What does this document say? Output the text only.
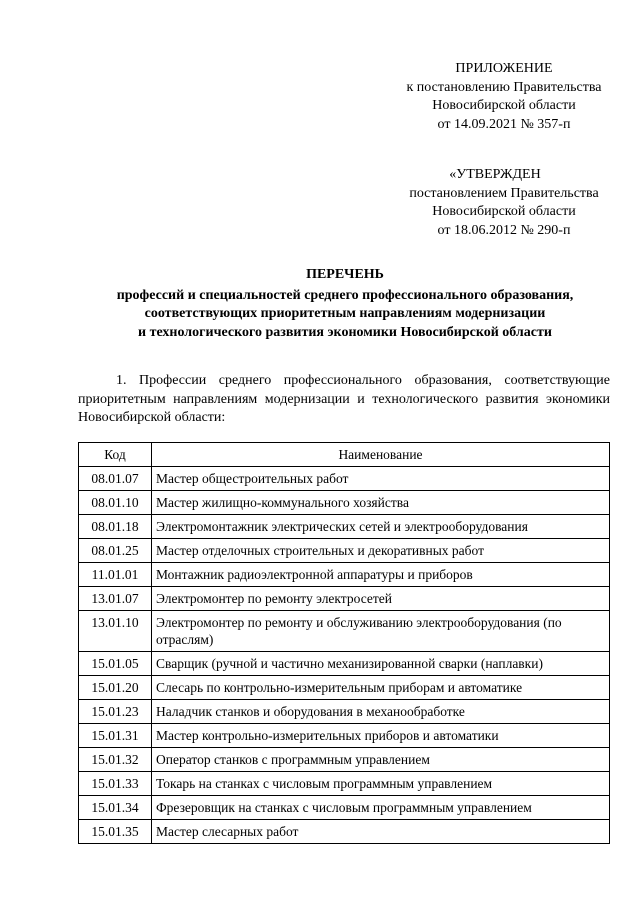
ПРИЛОЖЕНИЕ
к постановлению Правительства
Новосибирской области
от 14.09.2021 № 357-п
«УТВЕРЖДЕН
постановлением Правительства
Новосибирской области
от 18.06.2012 № 290-п
ПЕРЕЧЕНЬ
профессий и специальностей среднего профессионального образования,
соответствующих приоритетным направлениям модернизации
и технологического развития экономики Новосибирской области
1. Профессии среднего профессионального образования, соответствующие приоритетным направлениям модернизации и технологического развития экономики Новосибирской области:
Код	Наименование
08.01.07	Мастер общестроительных работ
08.01.10	Мастер жилищно-коммунального хозяйства
08.01.18	Электромонтажник электрических сетей и электрооборудования
08.01.25	Мастер отделочных строительных и декоративных работ
11.01.01	Монтажник радиоэлектронной аппаратуры и приборов
13.01.07	Электромонтер по ремонту электросетей
13.01.10	Электромонтер по ремонту и обслуживанию электрооборудования (по отраслям)
15.01.05	Сварщик (ручной и частично механизированной сварки (наплавки)
15.01.20	Слесарь по контрольно-измерительным приборам и автоматике
15.01.23	Наладчик станков и оборудования в механообработке
15.01.31	Мастер контрольно-измерительных приборов и автоматики
15.01.32	Оператор станков с программным управлением
15.01.33	Токарь на станках с числовым программным управлением
15.01.34	Фрезеровщик на станках с числовым программным управлением
15.01.35	Мастер слесарных работ
